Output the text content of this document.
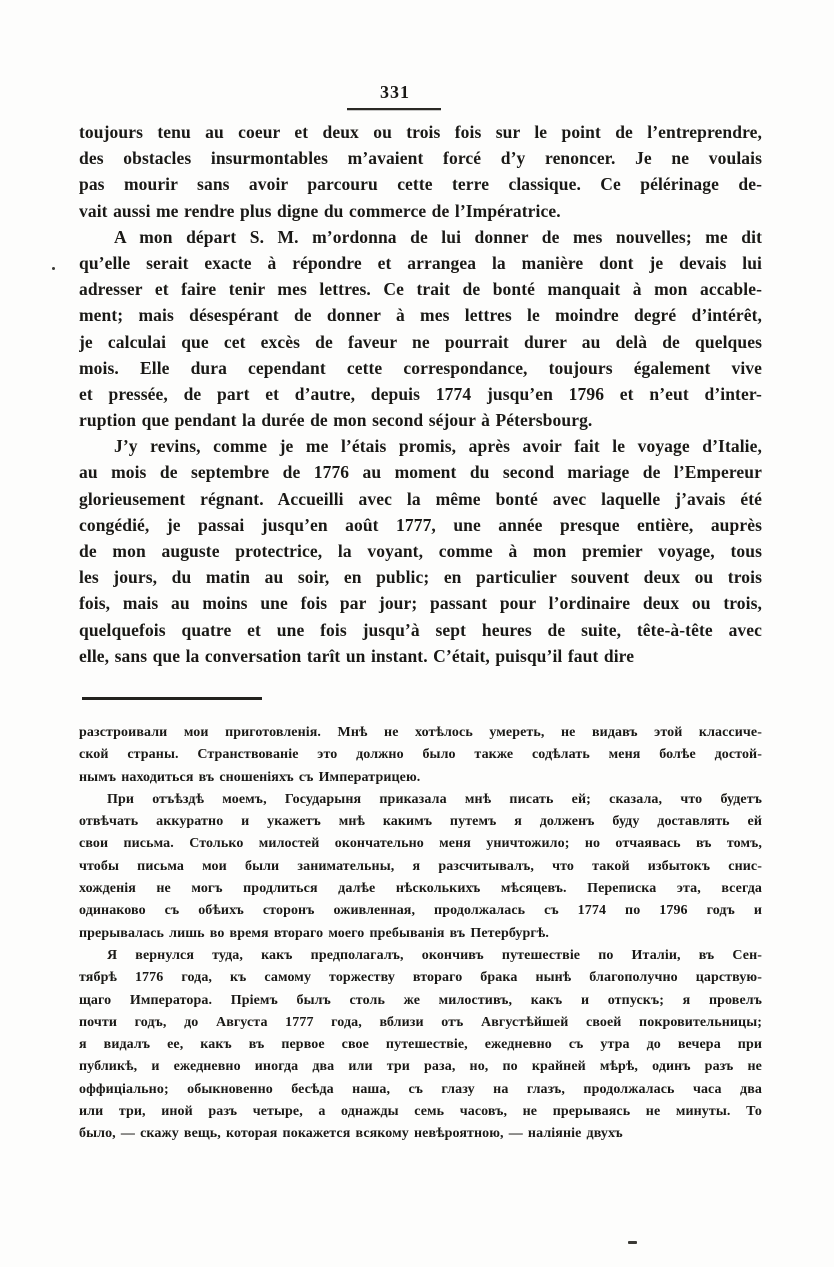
331
toujours tenu au coeur et deux ou trois fois sur le point de l’entreprendre,
des obstacles insurmontables m’avaient forcé d’y renoncer. Je ne voulais
pas mourir sans avoir parcouru cette terre classique. Ce pélérinage de-
vait aussi me rendre plus digne du commerce de l’Impératrice.
A mon départ S. M. m’ordonna de lui donner de mes nouvelles; me dit
qu’elle serait exacte à répondre et arrangea la manière dont je devais lui
adresser et faire tenir mes lettres. Ce trait de bonté manquait à mon accable-
ment; mais désespérant de donner à mes lettres le moindre degré d’intérêt,
je calculai que cet excès de faveur ne pourrait durer au delà de quelques
mois. Elle dura cependant cette correspondance, toujours également vive
et pressée, de part et d’autre, depuis 1774 jusqu’en 1796 et n’eut d’inter-
ruption que pendant la durée de mon second séjour à Pétersbourg.
J’y revins, comme je me l’étais promis, après avoir fait le voyage d’Italie,
au mois de septembre de 1776 au moment du second mariage de l’Empereur
glorieusement régnant. Accueilli avec la même bonté avec laquelle j’avais été
congédié, je passai jusqu’en août 1777, une année presque entière, auprès
de mon auguste protectrice, la voyant, comme à mon premier voyage, tous
les jours, du matin au soir, en public; en particulier souvent deux ou trois
fois, mais au moins une fois par jour; passant pour l’ordinaire deux ou trois,
quelquefois quatre et une fois jusqu’à sept heures de suite, tête-à-tête avec
elle, sans que la conversation tarît un instant. C’était, puisqu’il faut dire
разстроивали мои приготовленія. Мнѣ не хотѣлось умереть, не видавъ этой классиче-
ской страны. Странствованіе это должно было также содѣлать меня болѣе достой-
нымъ находиться въ сношеніяхъ съ Императрицею.
При отъѣздѣ моемъ, Государыня приказала мнѣ писать ей; сказала, что будетъ
отвѣчать аккуратно и укажетъ мнѣ какимъ путемъ я долженъ буду доставлять ей
свои письма. Столько милостей окончательно меня уничтожило; но отчаявась въ томъ,
чтобы письма мои были занимательны, я разсчитывалъ, что такой избытокъ снис-
хожденія не могъ продлиться далѣе нѣсколькихъ мѣсяцевъ. Переписка эта, всегда
одинаково съ обѣихъ сторонъ оживленная, продолжалась съ 1774 по 1796 годъ и
прерывалась лишь во время втораго моего пребыванія въ Петербургѣ.
Я вернулся туда, какъ предполагалъ, окончивъ путешествіе по Италіи, въ Сен-
тябрѣ 1776 года, къ самому торжеству втораго брака нынѣ благополучно царствую-
щаго Императора. Пріемъ былъ столь же милостивъ, какъ и отпускъ; я провелъ
почти годъ, до Августа 1777 года, вблизи отъ Августѣйшей своей покровительницы;
я видалъ ее, какъ въ первое свое путешествіе, ежедневно съ утра до вечера при
публикѣ, и ежедневно иногда два или три раза, но, по крайней мѣрѣ, одинъ разъ не
оффиціально; обыкновенно бесѣда наша, съ глазу на глазъ, продолжалась часа два
или три, иной разъ четыре, а однажды семь часовъ, не прерываясь не минуты. То
было, — скажу вещь, которая покажется всякому невѣроятною, — наліяніе двухъ
